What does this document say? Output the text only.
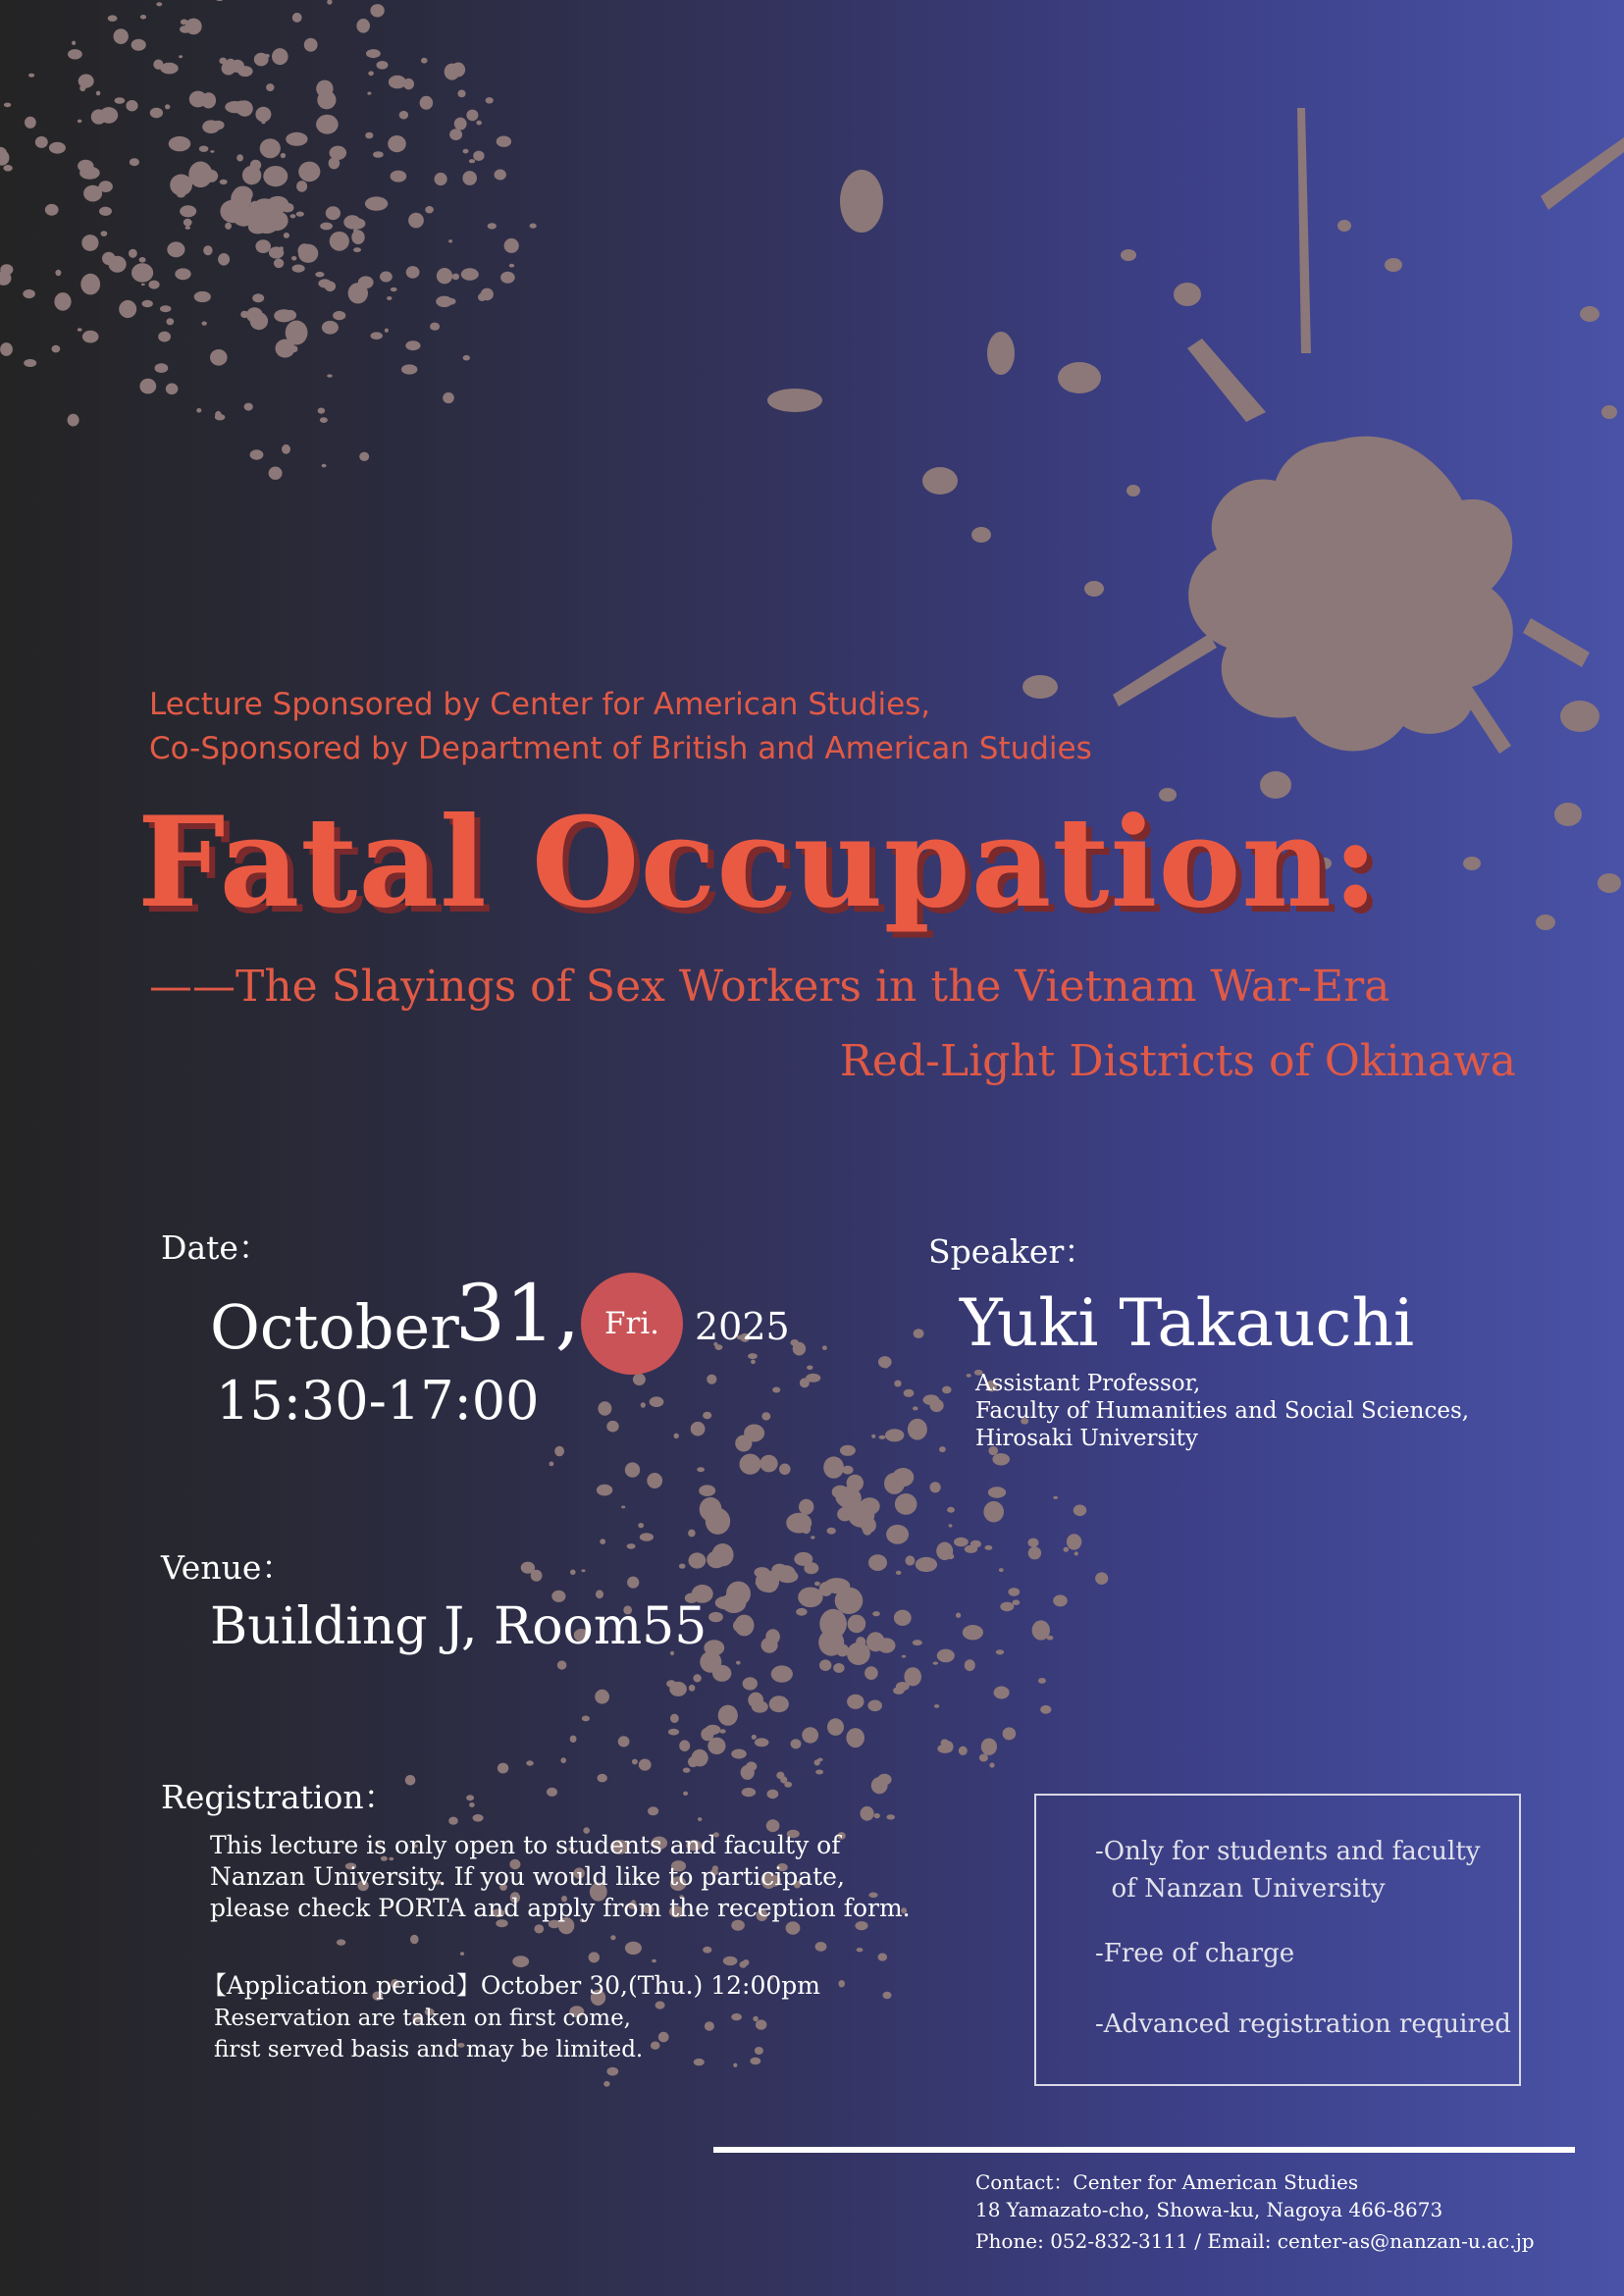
Lecture Sponsored by Center for American Studies,

Co-Sponsored by Department of British and American Studies

Fatal Occupation:

——The Slayings of Sex Workers in the Vietnam War-Era

Red-Light Districts of Okinawa

Date：

October
31, Fri. 2025
15:30-17:00

Speaker：

Yuki Takauchi

Assistant Professor,

Faculty of Humanities and Social Sciences,

Hirosaki University

Venue：

Building J, Room55

Registration：

This lecture is only open to students and faculty of

Nanzan University. If you would like to participate,

please check PORTA and apply from the reception form.

【Application period】October 30,(Thu.) 12:00pm

Reservation are taken on first come,

first served basis and may be limited.

-Only for students and faculty

of Nanzan University

-Free of charge

-Advanced registration required

Contact：Center for American Studies

18 Yamazato-cho, Showa-ku, Nagoya 466-8673

Phone: 052-832-3111 / Email: center-as@nanzan-u.ac.jp
